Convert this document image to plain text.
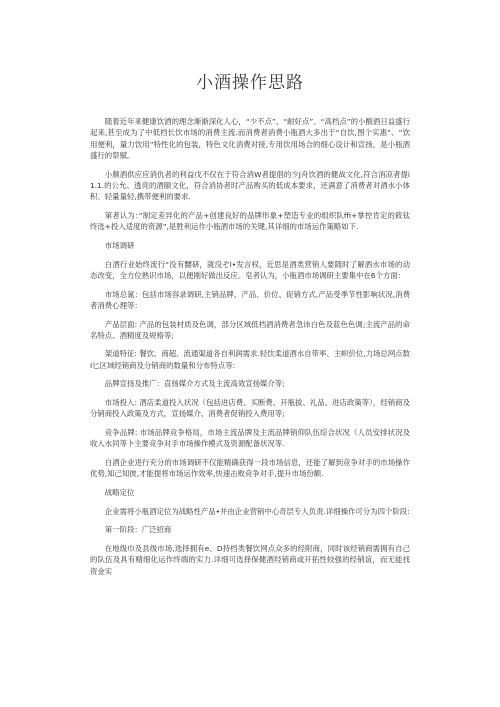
小酒操作思路
随着近年来健康饮酒的理念渐渐深化人心，“少不点”、“耐好点”、“高档点”的小酸酒日益盛行起来,甚至成为了中低档长饮市场的消费主流.而消费者消费小瓶酒大多出于“自饮,图个实惠”、“饮用便利，量力饮用”特性化的包装，特色文化消费对接,专用饮用场合的细心设计和宣扬，是小瓶酒盛行的祭赋。
小颇酒供应应消仇者的利益戊不仅在于符合消W者提倡的少J舟饮酒的健战文化,符合消凉者提i1.1.的公允、透亮的酒颐文化，符合消协者时产品购买的低成本要求，还满意了消费者对酒水小体积、轻量量轻,携带便利的要求.
第者认为：”制定差异化的产品+创建良好的品牌形象+塑造专业的组织队ffi+掌控肯定的筱钛终选+投入适度的资源”,是胜利运作小瓶酒市场的关键,其详细的市场运作策略如下.
市场调研
白酒行业始终流行“没有嬲研，就没ぞl•发言权，近思是酒类营销人要随时了解酒水市场的动态改变，全方位熟识市场，以便刚好做出反应。皂者认为，小瓶酒市场调研主要集中在6个方面：
市场总氮：包括市场容录调研,主销品牌、产品、价位、促销方式,产品受季节性影响状况,消费者消费心理等：
产品层面: 产品的包装材质及色调，部分区域低档酒消费者急讳白色及蓝色色调;主流产品的命名特点、酒精度及规格等;
架道特征: 餐饮、商超、流通渠道各自利润需求.轻饮柔道酒水自带率、主帜价位,力场总网点数I匕区域经销商及分销商的数量和分布特点等:
品牌宣扬及推广：直扬媒介方式及主流高效宣扬媒介等;
市场投入: 酒店柔道投入状况（包括进店费、买断费、开瓶拔、礼品、进店政策等），经销商及分销商投入政策及方式，宣扬媒介、消费者促销投入费用等;
竞争品牌: 市场品牌竞争格局，市场主流品牌及主流品牌销仰队伍综合状况（人员安排状况及收入水同等卜主要竞争对手市场操作模式及资源配备状况等.
白酒企业进行充分的市场调研不仅能精确获得一段市场信息，还能了解到竞争对手的市场操作优势,知己知彼,才能提将市场运作效率,快速击败竞争对手,提升市场份额.
战略定位
企业需将小瓶酒定位为战略性产品•并由企业营销中心奇层专人负责.详细操作可分为四个阶段:
第一阶段：广泛招商
在地级巾及县级市场,选择拥有e、D持档类餐饮网点众多的经附商，同时该经销商需拥有自己的队伍及具有精细化运作终端的实力.详细可选择保健酒羟销商或开拓性较强的经销谊，而无能找资金实
